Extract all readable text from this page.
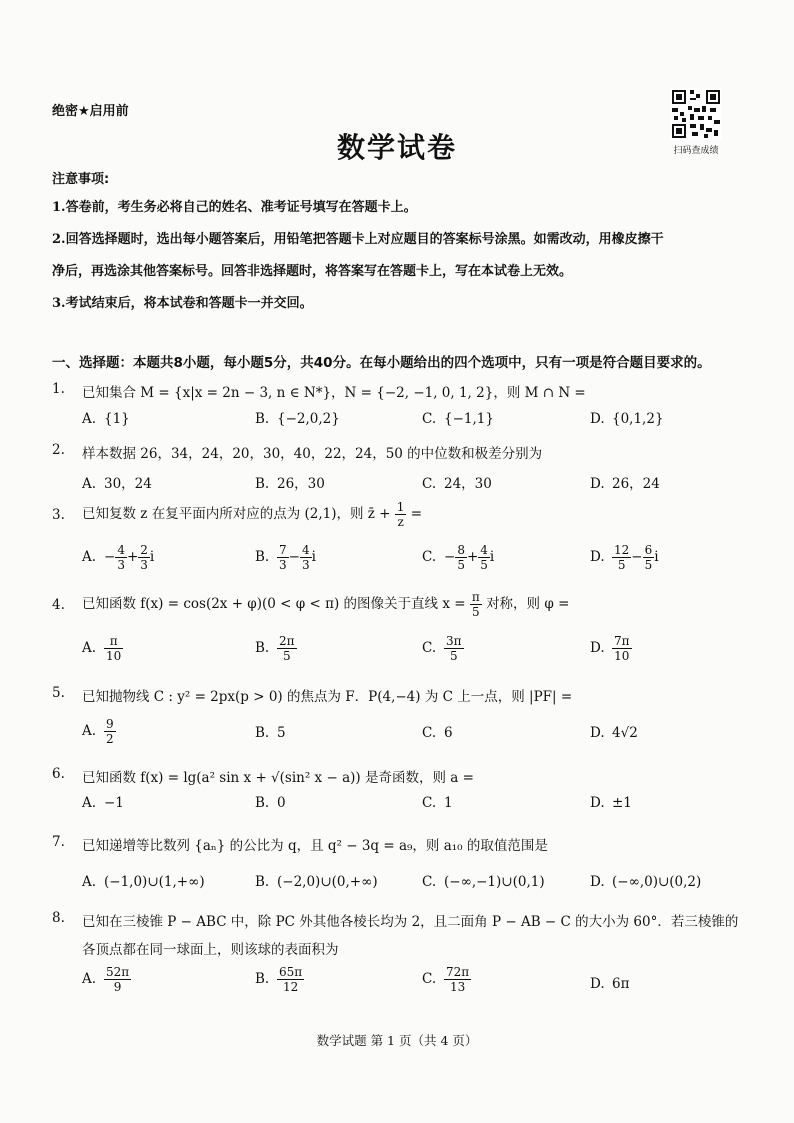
绝密★启用前
数学试卷	扫码查成绩
注意事项:
1.答卷前，考生务必将自己的姓名、准考证号填写在答题卡上。
2.回答选择题时，选出每小题答案后，用铅笔把答题卡上对应题目的答案标号涂黑。如需改动，用橡皮擦干
净后，再选涂其他答案标号。回答非选择题时，将答案写在答题卡上，写在本试卷上无效。
3.考试结束后，将本试卷和答题卡一并交回。
一、选择题：本题共8小题，每小题5分，共40分。在每小题给出的四个选项中，只有一项是符合题目要求的。
1. 已知集合 M = {x|x = 2n − 3, n ∈ N*}，N = {−2, −1, 0, 1, 2}，则 M ∩ N =
A. {1}	B. {−2,0,2}	C. {−1,1}	D. {0,1,2}
2. 样本数据 26，34，24，20，30，40，22，24，50 的中位数和极差分别为
A. 30，24	B. 26，30	C. 24，30	D. 26，24
3. 已知复数 z 在复平面内所对应的点为 (2,1)，则 z̄ + $\frac{1}{z}$ =
A. − $\frac{4}{3} + \frac{2}{3}$ i	B. $\frac{7}{3} - \frac{4}{3}$ i	C. − $\frac{8}{5} + \frac{4}{5}$ i	D. $\frac{12}{5} - \frac{6}{5}$ i
4. 已知函数 f(x) = cos(2x + φ)(0 < φ < π) 的图像关于直线 $x = \frac{\pi}{5}$ 对称，则 φ =
A. $\frac{\pi}{10}$	B. $\frac{2\pi}{5}$	C. $\frac{3\pi}{5}$	D. $\frac{7\pi}{10}$
5. 已知抛物线 C : y² = 2px(p > 0) 的焦点为 F．P(4,−4) 为 C 上一点，则 |PF| =
A. $\frac{9}{2}$	B. 5	C. 6	D. 4√2
6. 已知函数 f(x) = lg(a² sin x + √(sin² x − a)) 是奇函数，则 a =
A. −1	B. 0	C. 1	D. ±1
7. 已知递增等比数列 {aₙ} 的公比为 q，且 q² − 3q = a₉，则 a₁₀ 的取值范围是
A. (−1,0)∪(1,+∞)	B. (−2,0)∪(0,+∞)	C. (−∞,−1)∪(0,1)	D. (−∞,0)∪(0,2)
8. 已知在三棱锥 P − ABC 中，除 PC 外其他各棱长均为 2，且二面角 P − AB − C 的大小为 60°．若三棱锥的
各顶点都在同一球面上，则该球的表面积为
A. $\frac{52\pi}{9}$	B. $\frac{65\pi}{12}$	C. $\frac{72\pi}{13}$	D. 6π
数学试题 第 1 页（共 4 页）
